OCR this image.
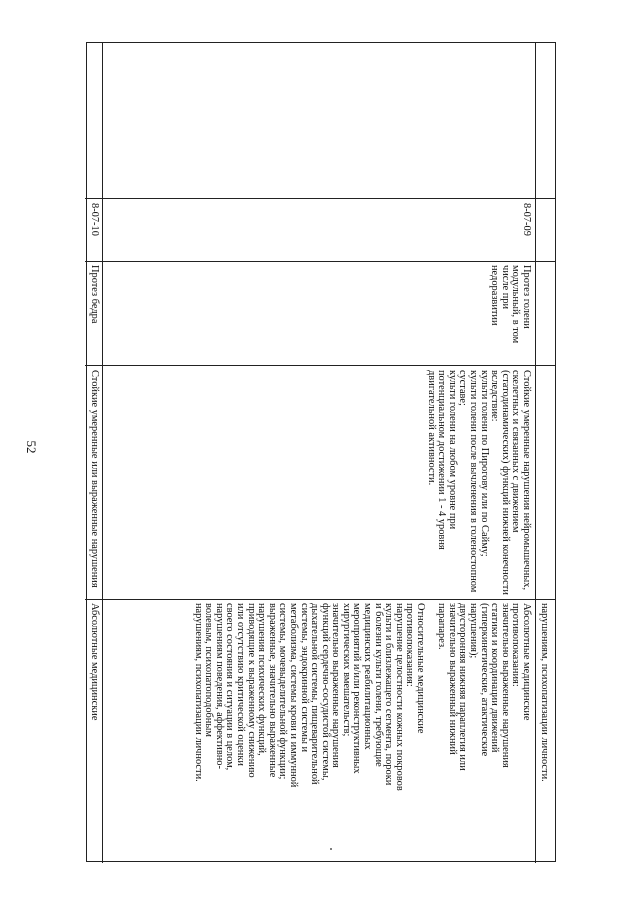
52
нарушениям, психопатизации личности.
8-07-09
Протез голени
модульный, в том
числе при
недоразвитии
Стойкие умеренные нарушения нейромышечных,
скелетных и связанных с движением
(статодинамических) функций нижней конечности
вследствие:
культи голени по Пирогову или по Сайму;
культи голени после вычленения в голеностопном
суставе;
культи голени на любом уровне при
потенциальном достижении 1 - 4 уровня
двигательной активности.
Абсолютные медицинские
противопоказания:
значительно выраженные нарушения
статики и координации движений
(гиперкинетические, атактические
нарушения);
двусторонняя нижняя параплегия или
значительно выраженный нижний
парапарез.
Относительные медицинские
противопоказания:
нарушение целостности кожных покровов
культи и близлежащего сегмента, пороки
и болезни культи голени, требующие
медицинских реабилитационных
мероприятий и/или реконструктивных
хирургических вмешательств;
значительно выраженные нарушения
функций сердечно-сосудистой системы,
дыхательной системы, пищеварительной
системы, эндокринной системы и
метаболизма, системы крови и иммунной
системы, мочевыделительной функции;
выраженные, значительно выраженные
нарушения психических функций,
приводящие к выраженному снижению
или отсутствию критической оценки
своего состояния и ситуации в целом,
нарушениям поведения, аффективно-
волевым, психопатоподобным
нарушениям, психопатизации личности.
8-07-10
Протез бедра
Стойкие умеренные или выраженные нарушения
Абсолютные медицинские
